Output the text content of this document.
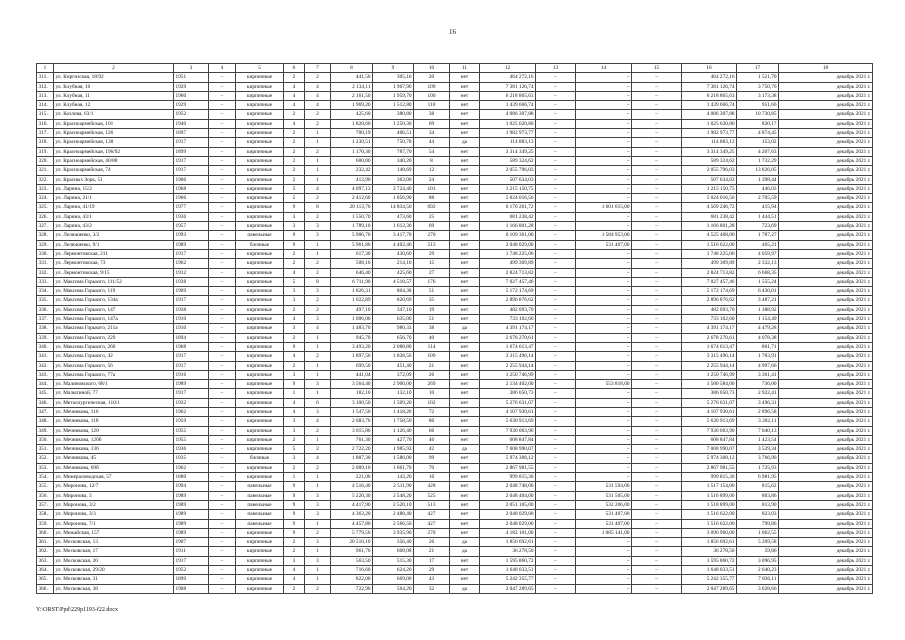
16
1	2	3	4	5	6	7	8	9	10	11	12	13	14	15	16	17	18
311.	ул. Киргизская, 18/92	1951	–	кирпичные	2	2	441,50	305,10	20	нет	464 272,16	–	–	–	464 272,16	1 521,70	декабрь 2021 г.
312.	ул. Клубная, 10	1929	–	кирпичные	4	4	2 134,11	1 967,90	109	нет	7 381 126,74	–	–	–	7 381 126,74	3 750,76	декабрь 2021 г.
313.	ул. Клубная, 11	1960	–	кирпичные	4	4	2 161,50	1 959,70	100	нет	6 218 865,63	–	–	–	6 218 865,63	3 173,38	декабрь 2021 г.
314.	ул. Клубная, 12	1929	–	кирпичные	4	4	1 969,20	1 512,80	110	нет	1 439 666,74	–	–	–	1 439 666,74	951,66	декабрь 2021 г.
315.	ул. Козлова, 63/1	1952	–	кирпичные	2	2	425,60	380,80	38	нет	4 086 307,88	–	–	–	4 086 307,88	10 730,85	декабрь 2021 г.
316.	ул. Красноармейская, 101	1940	–	кирпичные	4	2	1 828,60	1 250,30	69	нет	1 025 620,86	–	–	–	1 025 620,86	820,17	декабрь 2021 г.
317.	ул. Красноармейская, 126	1897	–	кирпичные	2	1	700,19	406,51	34	нет	1 982 973,77	–	–	–	1 982 973,77	4 874,45	декабрь 2021 г.
318.	ул. Красноармейская, 138	1917	–	кирпичные	2	1	1 230,51	750,78	44	да	114 883,13	–	–	–	114 883,13	153,02	декабрь 2021 г.
319.	ул. Красноармейская, 196/92	1899	–	кирпичные	2	2	1 170,30	787,70	54	нет	3 314 349,25	–	–	–	3 314 349,25	4 207,63	декабрь 2021 г.
320.	ул. Красноармейская, 40/88	1917	–	кирпичные	2	1	600,00	340,20	8	нет	589 324,62	–	–	–	589 324,62	1 732,29	декабрь 2021 г.
321.	ул. Красноармейская, 74	1917	–	кирпичные	2	1	232,42	148,69	12	нет	2 055 796,03	–	–	–	2 055 796,03	13 826,05	декабрь 2021 г.
322.	ул. Красных Зорь, 51	1906	–	кирпичные	2	1	413,90	363,00	24	нет	507 634,03	–	–	–	507 634,03	1 398,44	декабрь 2021 г.
323.	ул. Ларина, 15/2	1968	–	кирпичные	5	4	4 097,13	2 724,40	101	нет	1 215 150,75	–	–	–	1 215 150,75	446,03	декабрь 2021 г.
324.	ул. Ларина, 21/1	1966	–	кирпичные	5	2	2 412,60	1 856,90	88	нет	5 024 016,56	–	–	–	5 024 016,56	2 705,59	декабрь 2021 г.
325.	ул. Ларина, 41/19	1977	–	кирпичные	9	8	20 113,70	14 834,50	692	нет	6 170 261,72	–	1 601 015,00	–	4 569 246,72	415,94	декабрь 2021 г.
326.	ул. Ларина, 43/1	1936	–	кирпичные	3	2	1 550,70	473,60	25	нет	681 238,42	–	–	–	681 238,42	1 444,51	декабрь 2021 г.
327.	ул. Ларина, 43/2	1957	–	кирпичные	3	3	1 789,10	1 612,30	69	нет	1 166 801,28	–	–	–	1 166 801,28	723,69	декабрь 2021 г.
328.	ул. Лелюшенко, 3/2	1993	–	панельные	9	3	5 906,70	3 417,70	270	нет	6 109 361,00	–	1 584 953,00	–	4 525 408,00	1 787,27	декабрь 2021 г.
329.	ул. Лелюшенко, 9/1	1989	–	блочные	9	1	5 961,80	4 402,46	513	нет	2 048 029,00	–	531 407,00	–	1 516 622,00	465,21	декабрь 2021 г.
330.	ул. Лермонтовская, 211	1917	–	кирпичные	2	1	617,30	430,60	29	нет	1 748 225,06	–	–	–	1 748 225,06	4 059,97	декабрь 2021 г.
331.	ул. Лермонтовская, 73	1962	–	кирпичные	2	2	508,10	214,10	15	нет	499 309,89	–	–	–	499 309,89	2 332,13	декабрь 2021 г.
332.	ул. Лермонтовская, 9/15	1912	–	кирпичные	4	2	646,40	425,60	27	нет	2 824 713,82	–	–	–	2 824 713,82	6 668,35	декабрь 2021 г.
333.	ул. Максима Горького, 111/52	1938	–	кирпичные	5	8	6 711,90	4 518,57	176	нет	7 027 457,46	–	–	–	7 027 457,46	1 555,24	декабрь 2021 г.
334.	ул. Максима Горького, 119	1909	–	кирпичные	3	3	1 826,31	804,38	51	нет	5 172 174,69	–	–	–	5 172 174,69	6 430,01	декабрь 2021 г.
335.	ул. Максима Горького, 134а	1917	–	кирпичные	3	2	1 022,89	820,69	35	нет	2 896 876,62	–	–	–	2 896 876,62	3 487,21	декабрь 2021 г.
336.	ул. Максима Горького, 147	1938	–	кирпичные	2	2	497,10	347,10	19	нет	482 093,70	–	–	–	482 093,70	1 388,92	декабрь 2021 г.
337.	ул. Максима Горького, 147а	1910	–	кирпичные	4	3	1 006,00	635,00	51	нет	733 102,60	–	–	–	733 102,60	1 154,49	декабрь 2021 г.
338.	ул. Максима Горького, 211а	1910	–	кирпичные	3	4	1 483,70	980,33	38	да	4 391 174,17	–	–	–	4 391 174,17	4 479,28	декабрь 2021 г.
339.	ул. Максима Горького, 229	1894	–	кирпичные	2	1	945,70	656,70	40	нет	2 678 270,61	–	–	–	2 678 270,61	4 078,38	декабрь 2021 г.
340.	ул. Максима Горького, 260	1968	–	кирпичные	9	1	3 493,20	2 088,80	114	нет	1 674 613,47	–	–	–	1 674 613,47	801,71	декабрь 2021 г.
341.	ул. Максима Горького, 42	1917	–	кирпичные	4	2	1 897,56	1 838,56	109	нет	3 315 496,14	–	–	–	3 315 496,14	1 783,91	декабрь 2021 г.
342.	ул. Максима Горького, 56	1917	–	кирпичные	2	1	699,50	451,40	21	нет	2 255 944,14	–	–	–	2 255 944,14	4 997,66	декабрь 2021 г.
343.	ул. Максима Горького, 77а	1916	–	кирпичные	3	1	441,04	372,09	26	нет	1 250 746,99	–	–	–	1 250 746,99	3 361,41	декабрь 2021 г.
344.	ул. Малиновского, 68/1	1989	–	кирпичные	9	3	3 564,40	2 900,00	269	нет	2 134 402,00	–	553 818,00	–	1 580 584,00	736,00	декабрь 2021 г.
345.	ул. Малыгиной, 77	1917	–	кирпичные	1	1	182,10	132,10	10	нет	386 050,73	–	–	–	386 050,73	2 922,41	декабрь 2021 г.
346.	ул. Металлургическая, 110/1	1932	–	кирпичные	4	6	3 100,50	1 509,20	102	нет	5 276 631,07	–	–	–	5 276 631,07	3 496,31	декабрь 2021 г.
347.	ул. Мечникова, 116	1962	–	кирпичные	4	3	1 547,50	1 418,20	72	нет	4 107 930,61	–	–	–	4 107 930,61	2 896,58	декабрь 2021 г.
348.	ул. Мечникова, 118	1959	–	кирпичные	3	4	2 683,70	1 758,50	86	нет	5 630 913,69	–	–	–	5 630 913,69	3 202,11	декабрь 2021 г.
349.	ул. Мечникова, 120	1955	–	кирпичные	3	2	3 015,80	1 126,40	66	нет	7 930 003,90	–	–	–	7 930 003,90	7 040,13	декабрь 2021 г.
350.	ул. Мечникова, 120б	1955	–	кирпичные	2	1	761,30	427,70	46	нет	608 847,84	–	–	–	608 847,84	1 423,54	декабрь 2021 г.
351.	ул. Мечникова, 136	1936	–	кирпичные	5	2	2 722,20	1 985,92	42	да	7 008 990,07	–	–	–	7 008 990,07	3 529,34	декабрь 2021 г.
352.	ул. Мечникова, 45	1935	–	блочные	3	4	1 887,30	1 586,00	99	нет	5 974 308,12	–	–	–	5 974 308,12	3 766,90	декабрь 2021 г.
353.	ул. Мечникова, 69б	1962	–	кирпичные	2	2	2 009,10	1 661,70	70	нет	2 867 981,55	–	–	–	2 867 981,55	1 725,93	декабрь 2021 г.
354.	ул. Минераловодская, 57	1880	–	кирпичные	1	1	221,00	143,20	16	нет	999 815,30	–	–	–	999 815,30	6 981,95	декабрь 2021 г.
355.	ул. Миронова, 12/7	1994	–	панельные	9	1	4 516,40	2 511,90	428	нет	2 048 748,00	–	531 594,00	–	1 517 154,00	815,62	декабрь 2021 г.
356.	ул. Миронова, 3	1989	–	панельные	9	3	5 220,30	2 548,20	525	нет	2 048 404,00	–	531 505,00	–	1 516 899,00	803,86	декабрь 2021 г.
357.	ул. Миронова, 3/2	1989	–	панельные	9	3	4 417,90	2 520,10	513	нет	2 051 105,00	–	532 206,00	–	1 518 899,00	813,90	декабрь 2021 г.
358.	ул. Миронова, 3/3	1989	–	панельные	9	3	4 363,20	2 488,40	427	нет	2 048 029,00	–	531 407,00	–	1 516 622,00	823,03	декабрь 2021 г.
359.	ул. Миронова, 7/1	1989	–	панельные	9	1	4 457,80	2 566,50	427	нет	2 048 029,00	–	531 407,00	–	1 516 622,00	799,86	декабрь 2021 г.
360.	ул. Можайская, 157	1989	–	кирпичные	9	2	5 779,50	3 935,90	270	нет	4 182 101,00	–	1 085 141,00	–	3 096 960,00	1 062,55	декабрь 2021 г.
361.	ул. Московская, 13	1907	–	кирпичные	2	3	20 516,10	356,40	26	да	1 856 692,61	–	–	–	1 856 692,61	5 209,58	декабрь 2021 г.
362.	ул. Московская, 17	1911	–	кирпичные	2	1	961,70	608,08	21	да	36 278,50	–	–	–	36 278,50	59,86	декабрь 2021 г.
363.	ул. Московская, 20	1917	–	кирпичные	3	3	563,50	515,30	17	нет	1 595 860,72	–	–	–	1 595 860,72	3 096,95	декабрь 2021 г.
364.	ул. Московская, 29/20	1952	–	кирпичные	4	1	716,60	624,20	29	нет	1 648 033,51	–	–	–	1 648 033,51	2 640,23	декабрь 2021 г.
365.	ул. Московская, 31	1899	–	кирпичные	4	1	822,00	669,00	43	нет	5 242 355,77	–	–	–	5 242 355,77	7 836,11	декабрь 2021 г.
366.	ул. Московская, 38	1908	–	кирпичные	2	2	722,90	564,20	32	да	2 047 289,65	–	–	–	2 047 289,65	3 628,66	декабрь 2021 г.
Y:\ORST\Ppd\229p1193-f22.docx
